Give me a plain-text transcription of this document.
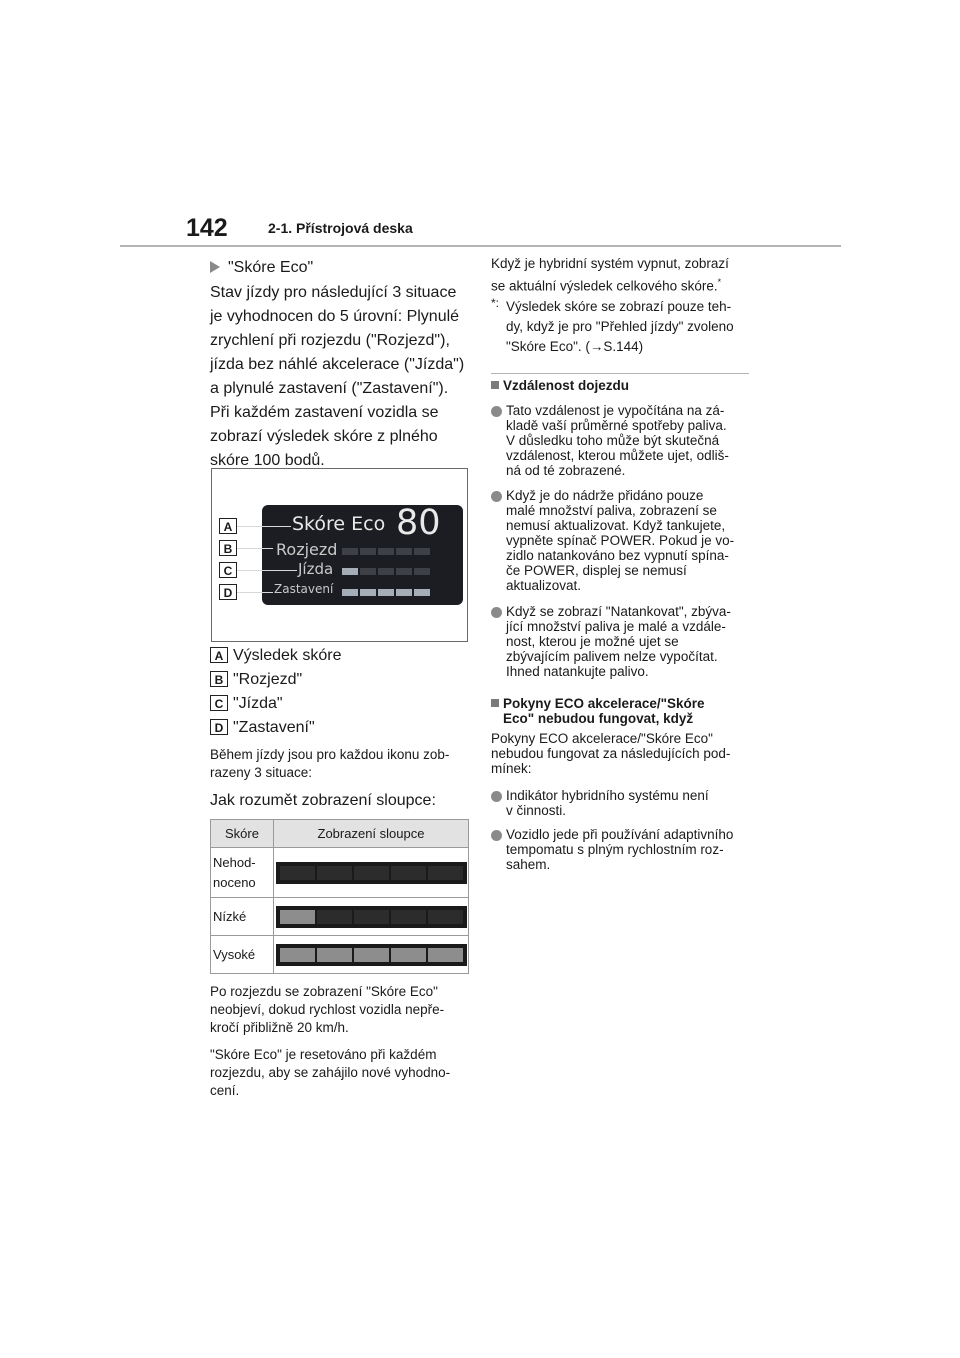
142	2-1. Přístrojová deska
"Skóre Eco"
Stav jízdy pro následující 3 situace
je vyhodnocen do 5 úrovní: Plynulé
zrychlení při rozjezdu ("Rozjezd"),
jízda bez náhlé akcelerace ("Jízda")
a plynulé zastavení ("Zastavení").
Při každém zastavení vozidla se
zobrazí výsledek skóre z plného
skóre 100 bodů.
Skóre Eco 80
Rozjezd
Jízda
Zastavení
A
B
C
D
A Výsledek skóre
B "Rozjezd"
C "Jízda"
D "Zastavení"
Během jízdy jsou pro každou ikonu zob-
razeny 3 situace:
Jak rozumět zobrazení sloupce:
Skóre	Zobrazení sloupce

Nehod-
noceno	

Nízké	

Vysoké	

Po rozjezdu se zobrazení "Skóre Eco"
neobjeví, dokud rychlost vozidla nepře-
kročí přibližně 20 km/h.
"Skóre Eco" je resetováno při každém
rozjezdu, aby se zahájilo nové vyhodno-
cení.
Když je hybridní systém vypnut, zobrazí
se aktuální výsledek celkového skóre.*
*: Výsledek skóre se zobrazí pouze teh-
dy, když je pro "Přehled jízdy" zvoleno
"Skóre Eco". (→S.144)
Vzdálenost dojezdu
Tato vzdálenost je vypočítána na zá-
kladě vaší průměrné spotřeby paliva.
V důsledku toho může být skutečná
vzdálenost, kterou můžete ujet, odliš-
ná od té zobrazené.
Když je do nádrže přidáno pouze
malé množství paliva, zobrazení se
nemusí aktualizovat. Když tankujete,
vypněte spínač POWER. Pokud je vo-
zidlo natankováno bez vypnutí spína-
če POWER, displej se nemusí
aktualizovat.
Když se zobrazí "Natankovat", zbýva-
jící množství paliva je malé a vzdále-
nost, kterou je možné ujet se
zbývajícím palivem nelze vypočítat.
Ihned natankujte palivo.
Pokyny ECO akcelerace/"Skóre
Eco" nebudou fungovat, když
Pokyny ECO akcelerace/"Skóre Eco"
nebudou fungovat za následujících pod-
mínek:
Indikátor hybridního systému není
v činnosti.
Vozidlo jede při používání adaptivního
tempomatu s plným rychlostním roz-
sahem.
